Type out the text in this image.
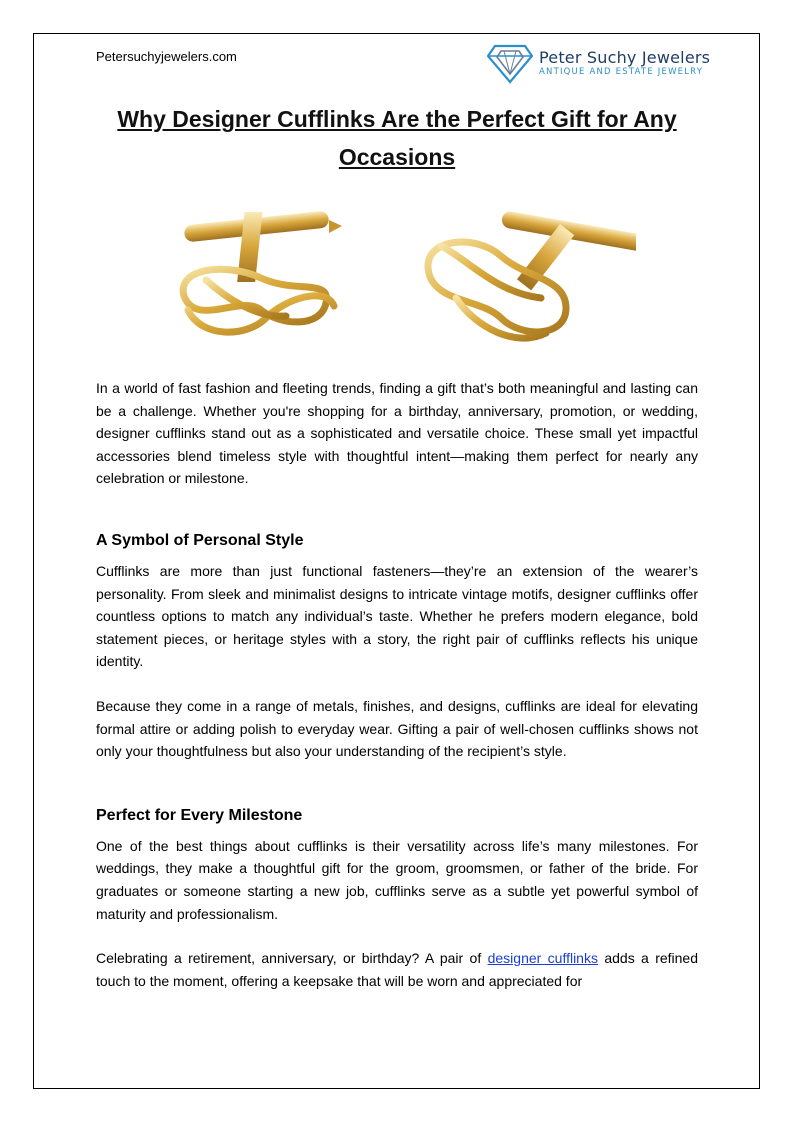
Petersuchyjewelers.com	Peter Suchy Jewelers
ANTIQUE AND ESTATE JEWELRY
Why Designer Cufflinks Are the Perfect Gift for Any Occasions

In a world of fast fashion and fleeting trends, finding a gift that’s both meaningful and lasting can be a challenge. Whether you're shopping for a birthday, anniversary, promotion, or wedding, designer cufflinks stand out as a sophisticated and versatile choice. These small yet impactful accessories blend timeless style with thoughtful intent—making them perfect for nearly any celebration or milestone.

A Symbol of Personal Style

Cufflinks are more than just functional fasteners—they’re an extension of the wearer’s personality. From sleek and minimalist designs to intricate vintage motifs, designer cufflinks offer countless options to match any individual’s taste. Whether he prefers modern elegance, bold statement pieces, or heritage styles with a story, the right pair of cufflinks reflects his unique identity.

Because they come in a range of metals, finishes, and designs, cufflinks are ideal for elevating formal attire or adding polish to everyday wear. Gifting a pair of well-chosen cufflinks shows not only your thoughtfulness but also your understanding of the recipient’s style.

Perfect for Every Milestone

One of the best things about cufflinks is their versatility across life’s many milestones. For weddings, they make a thoughtful gift for the groom, groomsmen, or father of the bride. For graduates or someone starting a new job, cufflinks serve as a subtle yet powerful symbol of maturity and professionalism.

Celebrating a retirement, anniversary, or birthday? A pair of designer cufflinks adds a refined touch to the moment, offering a keepsake that will be worn and appreciated for
